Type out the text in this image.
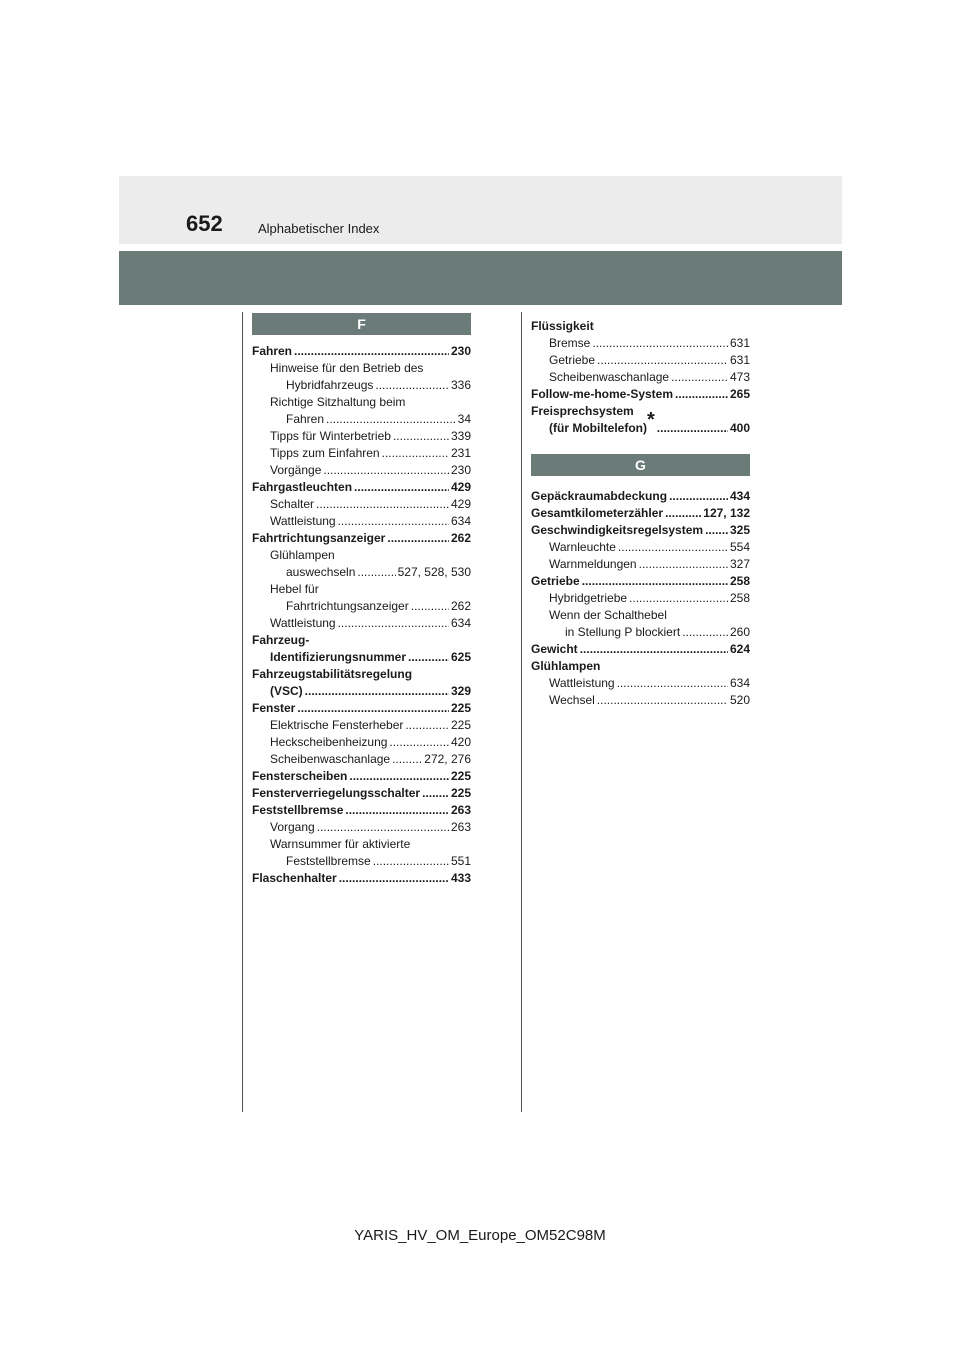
652	Alphabetischer Index
F
Fahren .....	230
Hinweise für den Betrieb des
Hybridfahrzeugs .....	336
Richtige Sitzhaltung beim
Fahren .....	34
Tipps für Winterbetrieb .....	339
Tipps zum Einfahren .....	231
Vorgänge .....	230
Fahrgastleuchten .....	429
Schalter .....	429
Wattleistung .....	634
Fahrtrichtungsanzeiger .....	262
Glühlampen
auswechseln .....	527, 528, 530
Hebel für
Fahrtrichtungsanzeiger .....	262
Wattleistung .....	634
Fahrzeug-
Identifizierungsnummer .....	625
Fahrzeugstabilitätsregelung
(VSC) .....	329
Fenster .....	225
Elektrische Fensterheber .....	225
Heckscheibenheizung .....	420
Scheibenwaschanlage .....	272, 276
Fensterscheiben .....	225
Fensterverriegelungsschalter .....	225
Feststellbremse .....	263
Vorgang .....	263
Warnsummer für aktivierte
Feststellbremse .....	551
Flaschenhalter .....	433
Flüssigkeit
Bremse .....	631
Getriebe .....	631
Scheibenwaschanlage .....	473
Follow-me-home-System .....	265
Freisprechsystem
(für Mobiltelefon)* .....	400
G
Gepäckraumabdeckung .....	434
Gesamtkilometerzähler .....	127, 132
Geschwindigkeitsregelsystem ..... 325
Warnleuchte .....	554
Warnmeldungen .....	327
Getriebe .....	258
Hybridgetriebe .....	258
Wenn der Schalthebel
in Stellung P blockiert .....	260
Gewicht .....	624
Glühlampen
Wattleistung .....	634
Wechsel .....	520
YARIS_HV_OM_Europe_OM52C98M
